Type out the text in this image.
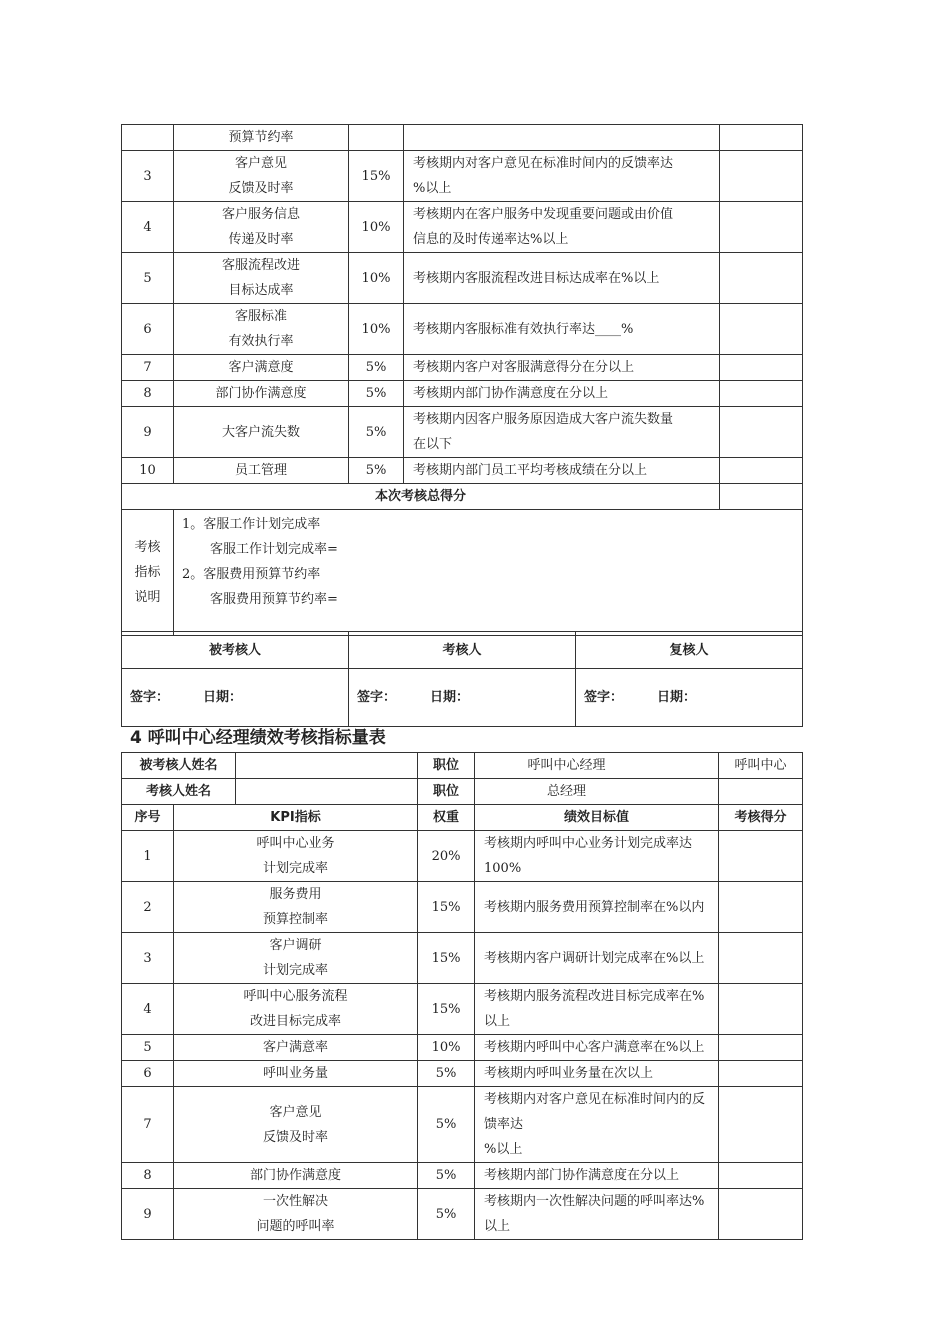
	预算节约率			

3	客户意见
反馈及时率	15%	考核期内对客户意见在标准时间内的反馈率达
%以上	

4	客户服务信息
传递及时率	10%	考核期内在客户服务中发现重要问题或由价值
信息的及时传递率达%以上	

5	客服流程改进
目标达成率	10%	考核期内客服流程改进目标达成率在%以上	

6	客服标准
有效执行率	10%	考核期内客服标准有效执行率达____%	

7	客户满意度	5%	考核期内客户对客服满意得分在分以上	

8	部门协作满意度	5%	考核期内部门协作满意度在分以上	

9	大客户流失数	5%	考核期内因客户服务原因造成大客户流失数量
在以下	

10	员工管理	5%	考核期内部门员工平均考核成绩在分以上	

本次考核总得分				

考核
指标
说明	1。客服工作计划完成率
客服工作计划完成率=
2。客服费用预算节约率
客服费用预算节约率=			
被考核人	考核人	复核人
签字： 日期：	签字： 日期：	签字： 日期：
4 呼叫中心经理绩效考核指标量表
被考核人姓名			职位	呼叫中心经理	呼叫中心
考核人姓名			职位	总经理	
序号	KPI指标		权重	绩效目标值	考核得分
1	呼叫中心业务
计划完成率		20%	考核期内呼叫中心业务计划完成率达100%	

2	服务费用
预算控制率		15%	考核期内服务费用预算控制率在%以内	

3	客户调研
计划完成率		15%	考核期内客户调研计划完成率在%以上	

4	呼叫中心服务流程
改进目标完成率		15%	考核期内服务流程改进目标完成率在%以上	

5	客户满意率		10%	考核期内呼叫中心客户满意率在%以上	

6	呼叫业务量		5%	考核期内呼叫业务量在次以上	

7	客户意见
反馈及时率		5%	考核期内对客户意见在标准时间内的反馈率达
%以上	

8	部门协作满意度		5%	考核期内部门协作满意度在分以上	

9	一次性解决
问题的呼叫率		5%	考核期内一次性解决问题的呼叫率达%以上	
